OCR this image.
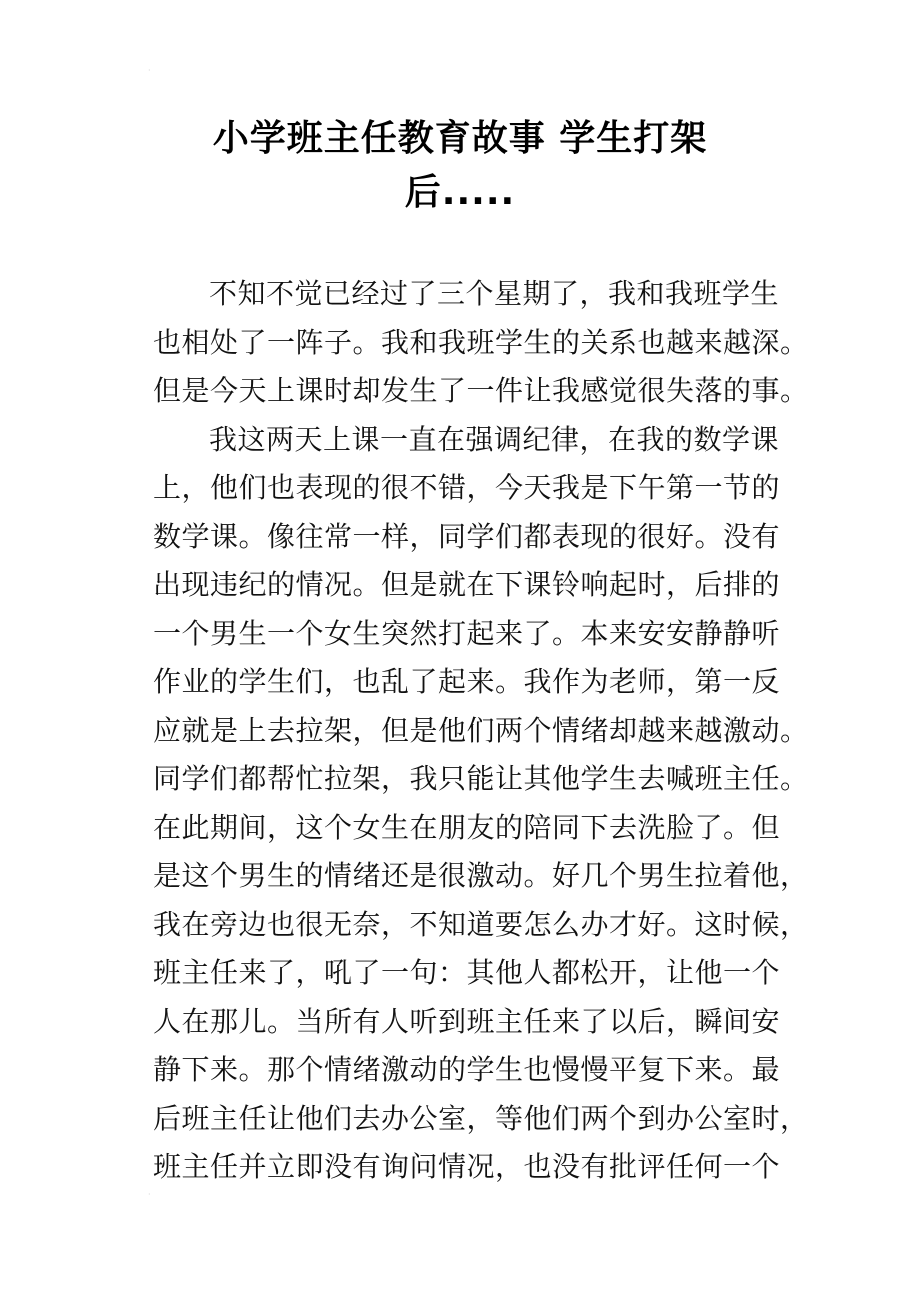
·
·
小学班主任教育故事 学生打架
后.....

不知不觉已经过了三个星期了，我和我班学生
也相处了一阵子。我和我班学生的关系也越来越深。
但是今天上课时却发生了一件让我感觉很失落的事。

我这两天上课一直在强调纪律，在我的数学课
上，他们也表现的很不错，今天我是下午第一节的
数学课。像往常一样，同学们都表现的很好。没有
出现违纪的情况。但是就在下课铃响起时，后排的
一个男生一个女生突然打起来了。本来安安静静听
作业的学生们，也乱了起来。我作为老师，第一反
应就是上去拉架，但是他们两个情绪却越来越激动。
同学们都帮忙拉架，我只能让其他学生去喊班主任。
在此期间，这个女生在朋友的陪同下去洗脸了。但
是这个男生的情绪还是很激动。好几个男生拉着他，
我在旁边也很无奈，不知道要怎么办才好。这时候，
班主任来了，吼了一句：其他人都松开，让他一个
人在那儿。当所有人听到班主任来了以后，瞬间安
静下来。那个情绪激动的学生也慢慢平复下来。最
后班主任让他们去办公室，等他们两个到办公室时，
班主任并立即没有询问情况，也没有批评任何一个
